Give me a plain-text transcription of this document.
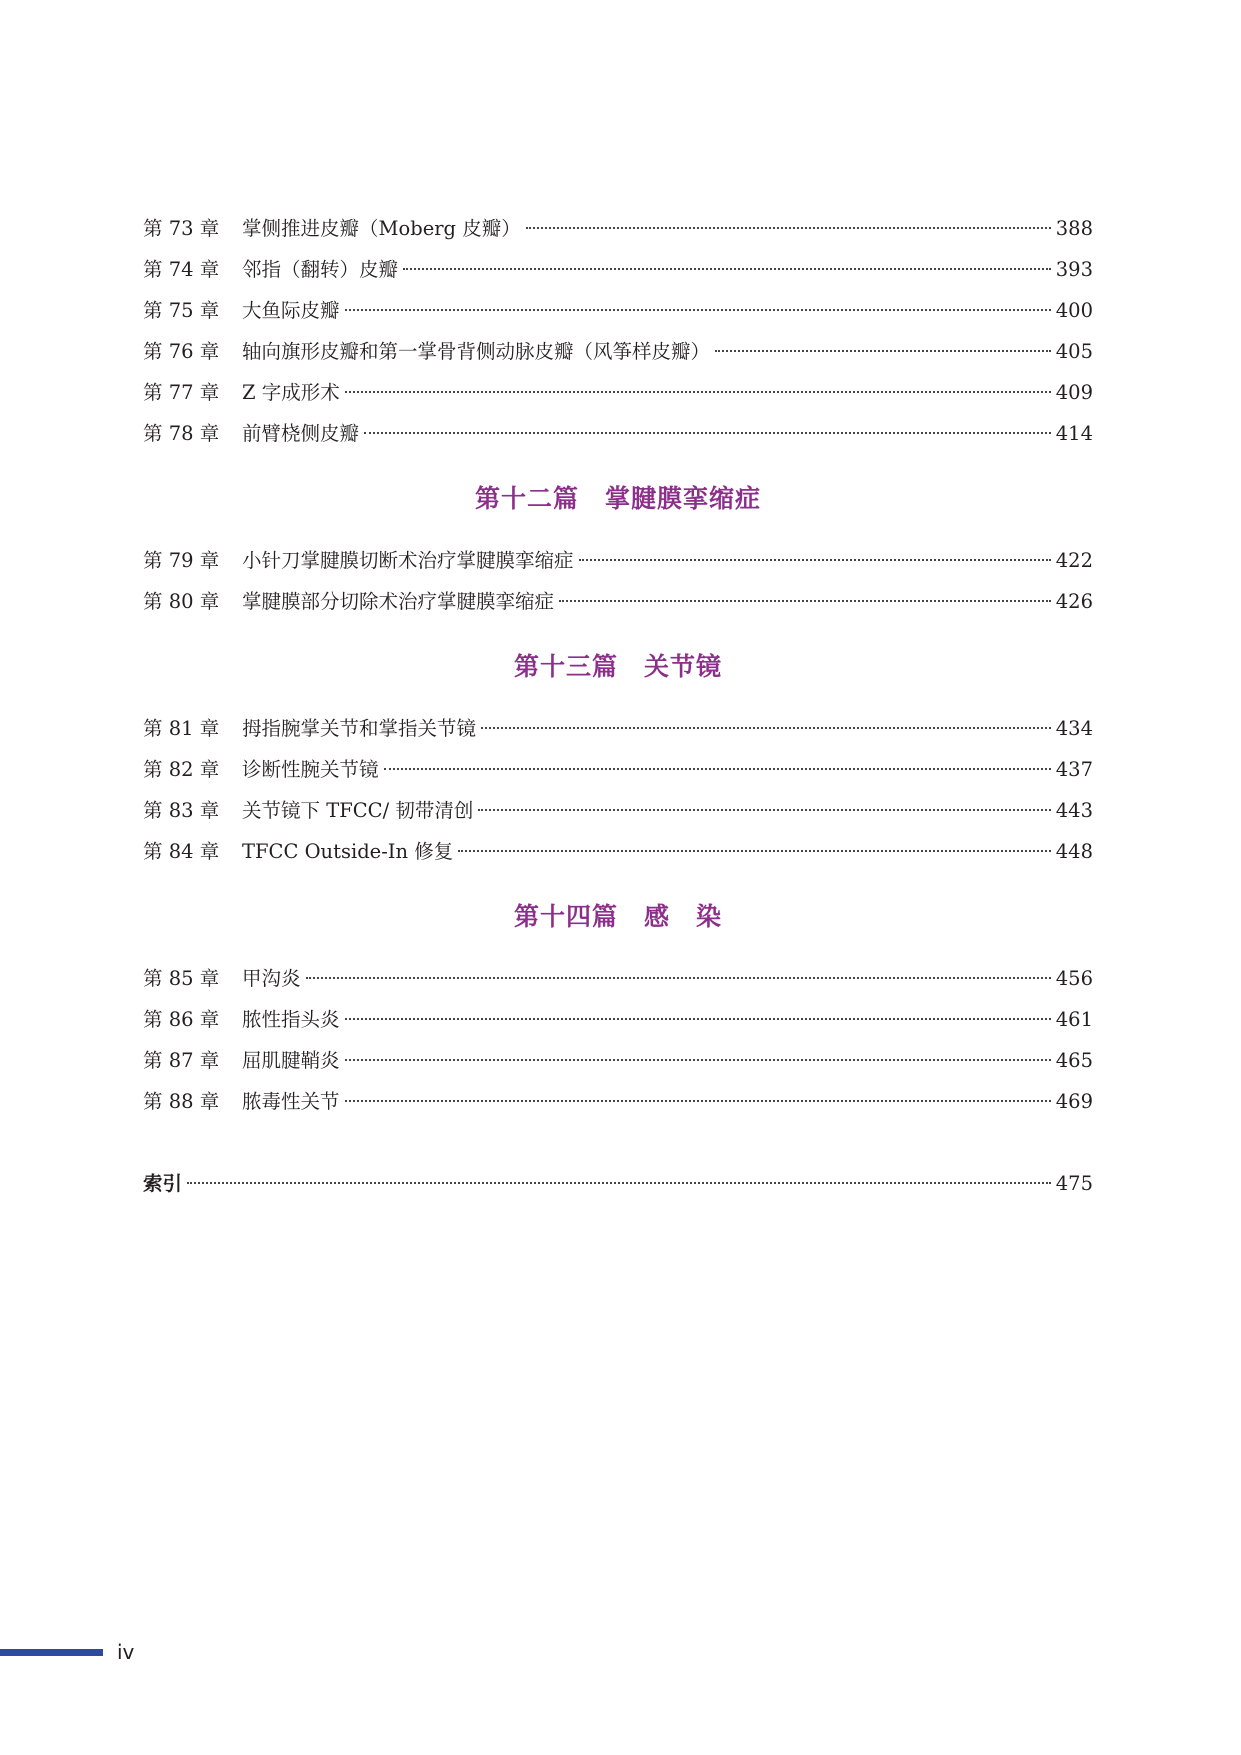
第 73 章	掌侧推进皮瓣（Moberg 皮瓣）	388
第 74 章	邻指（翻转）皮瓣	393
第 75 章	大鱼际皮瓣	400
第 76 章	轴向旗形皮瓣和第一掌骨背侧动脉皮瓣（风筝样皮瓣）	405
第 77 章	Z 字成形术	409
第 78 章	前臂桡侧皮瓣	414
第十二篇　掌腱膜挛缩症
第 79 章	小针刀掌腱膜切断术治疗掌腱膜挛缩症	422
第 80 章	掌腱膜部分切除术治疗掌腱膜挛缩症	426
第十三篇　关节镜
第 81 章	拇指腕掌关节和掌指关节镜	434
第 82 章	诊断性腕关节镜	437
第 83 章	关节镜下 TFCC/ 韧带清创	443
第 84 章	TFCC Outside-In 修复	448
第十四篇　感　染
第 85 章	甲沟炎	456
第 86 章	脓性指头炎	461
第 87 章	屈肌腱鞘炎	465
第 88 章	脓毒性关节	469
索引	475
iv
